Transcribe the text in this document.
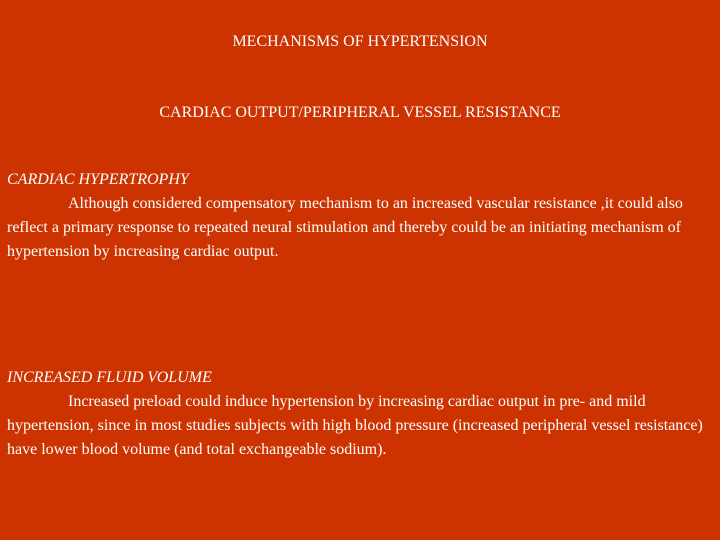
MECHANISMS OF HYPERTENSION
CARDIAC OUTPUT/PERIPHERAL VESSEL RESISTANCE
CARDIAC HYPERTROPHY
Although considered compensatory mechanism to an increased vascular resistance ,it could also reflect a primary response to repeated neural stimulation and thereby could be an initiating mechanism of hypertension by increasing cardiac output.
INCREASED FLUID VOLUME
Increased preload could induce hypertension by increasing cardiac output in pre- and mild hypertension, since in most studies subjects with high blood pressure (increased peripheral vessel resistance) have lower blood volume (and total exchangeable sodium).
